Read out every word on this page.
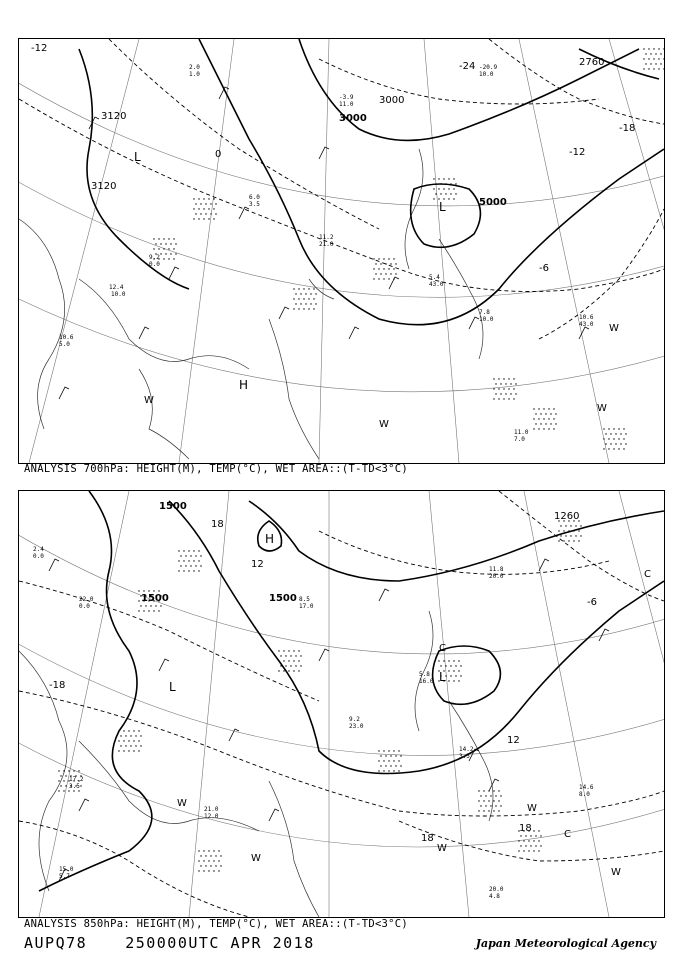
10.6
5.0
12.4
10.0
9.2
0.0
6.0
3.5
11.2
21.0
5.4
43.0
7.8
10.0	10.6
43.0
11.0
7.0
-3.9
11.0
-20.9
10.0
2.0
1.0
3120
3120
3000
5000
2760
3000
-12
-18
-12
-6
0
-24
L
L
H
W
W
W
W
ANALYSIS 700hPa: HEIGHT(M), TEMP(°C), WET AREA::(T-TD<3°C)
2.4
0.0
22.0
0.0
17.2
3.5
21.0
12.0
8.5
17.0
9.2
23.0
5.8
16.0
14.2
3.5
14.6
8.0
20.0
4.8
11.8
20.0
15.0
5.7
1500
1500	1500
1260
12
18
-18
12
18
-6
18
H
L
L
W
W
W
W
W
C
C
C
ANALYSIS 850hPa: HEIGHT(M), TEMP(°C), WET AREA::(T-TD<3°C)
AUPQ78	250000UTC APR 2018	Japan Meteorological Agency
